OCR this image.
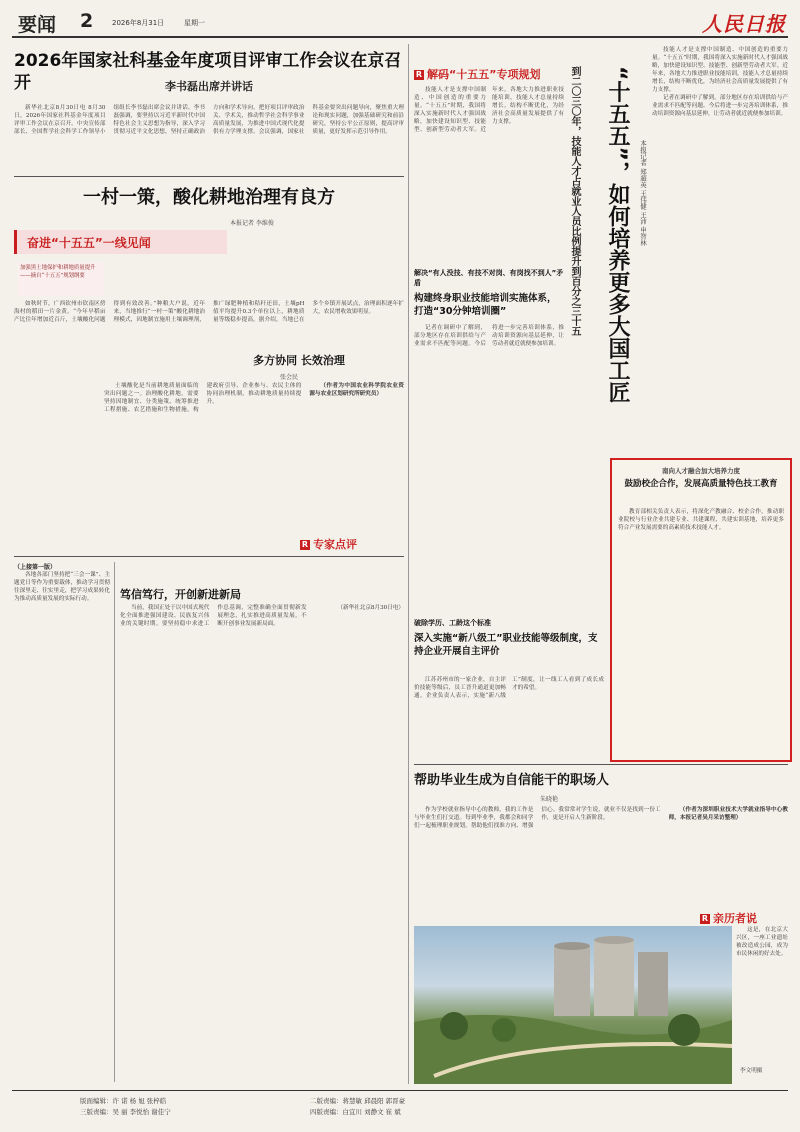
要闻 2	2026年8月31日	星期一	人民日报
2026年国家社科基金年度项目评审工作会议在京召开	李书磊出席并讲话

新华社北京8月30日电 8月30日，2026年国家社科基金年度项目评审工作会议在京召开。中央宣传部部长、全国哲学社会科学工作领导小组组长李书磊出席会议并讲话。李书磊强调，要坚持以习近平新时代中国特色社会主义思想为指导，深入学习贯彻习近平文化思想，坚持正确政治方向和学术导向，把好项目评审政治关、学术关，推动哲学社会科学事业高质量发展，为推进中国式现代化提供有力学理支撑。会议强调，国家社科基金要突出问题导向，聚焦重大理论和现实问题，加强基础研究和前沿研究，坚持公平公正原则，提高评审质量，更好发挥示范引导作用。

一村一策，酸化耕地治理有良方
本报记者 李维俊
奋进“十五五”一线见闻
加强黑土地保护和耕地质量提升——摘自“十五五”规划纲要

如秋时节，广西钦州市钦南区傍海村的稻田一片金黄。“今年早稻亩产比往年增加近百斤，土壤酸化问题得到有效改善。”种粮大户说。近年来，当地推行“一村一策”酸化耕地治理模式，因地制宜施用土壤调理剂，推广绿肥种植和秸秆还田，土壤pH值平均提升0.3个单位以上，耕地质量等级稳步提高。据介绍，当地已在多个乡镇开展试点，治理面积逐年扩大，农民增收效果明显。

多方协同 长效治理
张会民

土壤酸化是当前耕地质量面临的突出问题之一。治理酸化耕地，需要坚持因地制宜、分类施策，统筹推进工程措施、农艺措施和生物措施，构建政府引导、企业参与、农民主体的协同治理机制，推动耕地质量持续提升。

（作者为中国农业科学院农业资源与农业区划研究所研究员）

R 专家点评
（上接第一版）

各地各部门坚持把“三会一课”、主题党日等作为重要载体，推动学习贯彻往深里走、往实里走，把学习成果转化为推动高质量发展的实际行动。	笃信笃行，开创新进新局

当前，我国正处于以中国式现代化全面推进强国建设、民族复兴伟业的关键时期。要坚持稳中求进工作总基调，完整准确全面贯彻新发展理念，扎实推进高质量发展，不断开创事业发展新局面。

（新华社北京8月30日电）

R 解码“十五五”专项规划

技能人才是支撑中国制造、中国创造的重要力量。“十五五”时期，我国将深入实施新时代人才强国战略，加快建设知识型、技能型、创新型劳动者大军。近年来，各地大力推进职业技能培训，技能人才总量持续增长，结构不断优化，为经济社会高质量发展提供了有力支撑。

解决“有人没技、有技不对岗、有岗找不到人”矛盾
构建终身职业技能培训实施体系，打造“30分钟培训圈”

记者在调研中了解到，部分地区存在培训供给与产业需求不匹配等问题。今后将进一步完善培训体系，推动培训资源向基层延伸，让劳动者就近就便参加培训。

破除学历、工龄这个标准
深入实施“新八级工”职业技能等级制度，支持企业开展自主评价

江苏苏州市的一家企业，自主评价技能等级后，员工晋升通道更加畅通。企业负责人表示，实施“新八级工”制度，让一线工人看到了成长成才的希望。

到二〇三〇年，技能人才占就业人员比例提升到百分之三十五	“十五五”，如何培养更多大国工匠	本报记者 郑超英 王伟健 王沛 申智林

技能人才是支撑中国制造、中国创造的重要力量。“十五五”时期，我国将深入实施新时代人才强国战略，加快建设知识型、技能型、创新型劳动者大军。近年来，各地大力推进职业技能培训，技能人才总量持续增长，结构不断优化，为经济社会高质量发展提供了有力支撑。

记者在调研中了解到，部分地区存在培训供给与产业需求不匹配等问题。今后将进一步完善培训体系，推动培训资源向基层延伸，让劳动者就近就便参加培训。

南向人才融合加大培养力度
鼓励校企合作，发展高质量特色技工教育

教育部相关负责人表示，将深化产教融合、校企合作，推动职业院校与行业企业共建专业、共建课程、共建实训基地，培养更多符合产业发展需要的高素质技术技能人才。

帮助毕业生成为自信能干的职场人
朱晓艳

作为学校就业指导中心的教师，我的工作是与毕业生们打交道。每到毕业季，我都会和同学们一起梳理职业规划，帮助他们找准方向、增强信心。我常常对学生说，就业不仅是找到一份工作，更是开启人生新阶段。

（作者为深圳职业技术大学就业指导中心教师，本报记者吴月采访整理）

R 亲历者说

这是，在北京大兴区，一座工业遗址被改造成公园，成为市民休闲的好去处。

李文明摄
版面编辑：许 诺 杨 旭 张梓皓	二版责编：蒋慧敏 邱晨阳 郭晋豪
三版责编：吴 丽 李悦怡 谢佳宁	四版责编：白宜川 刘静文 崔 斌
